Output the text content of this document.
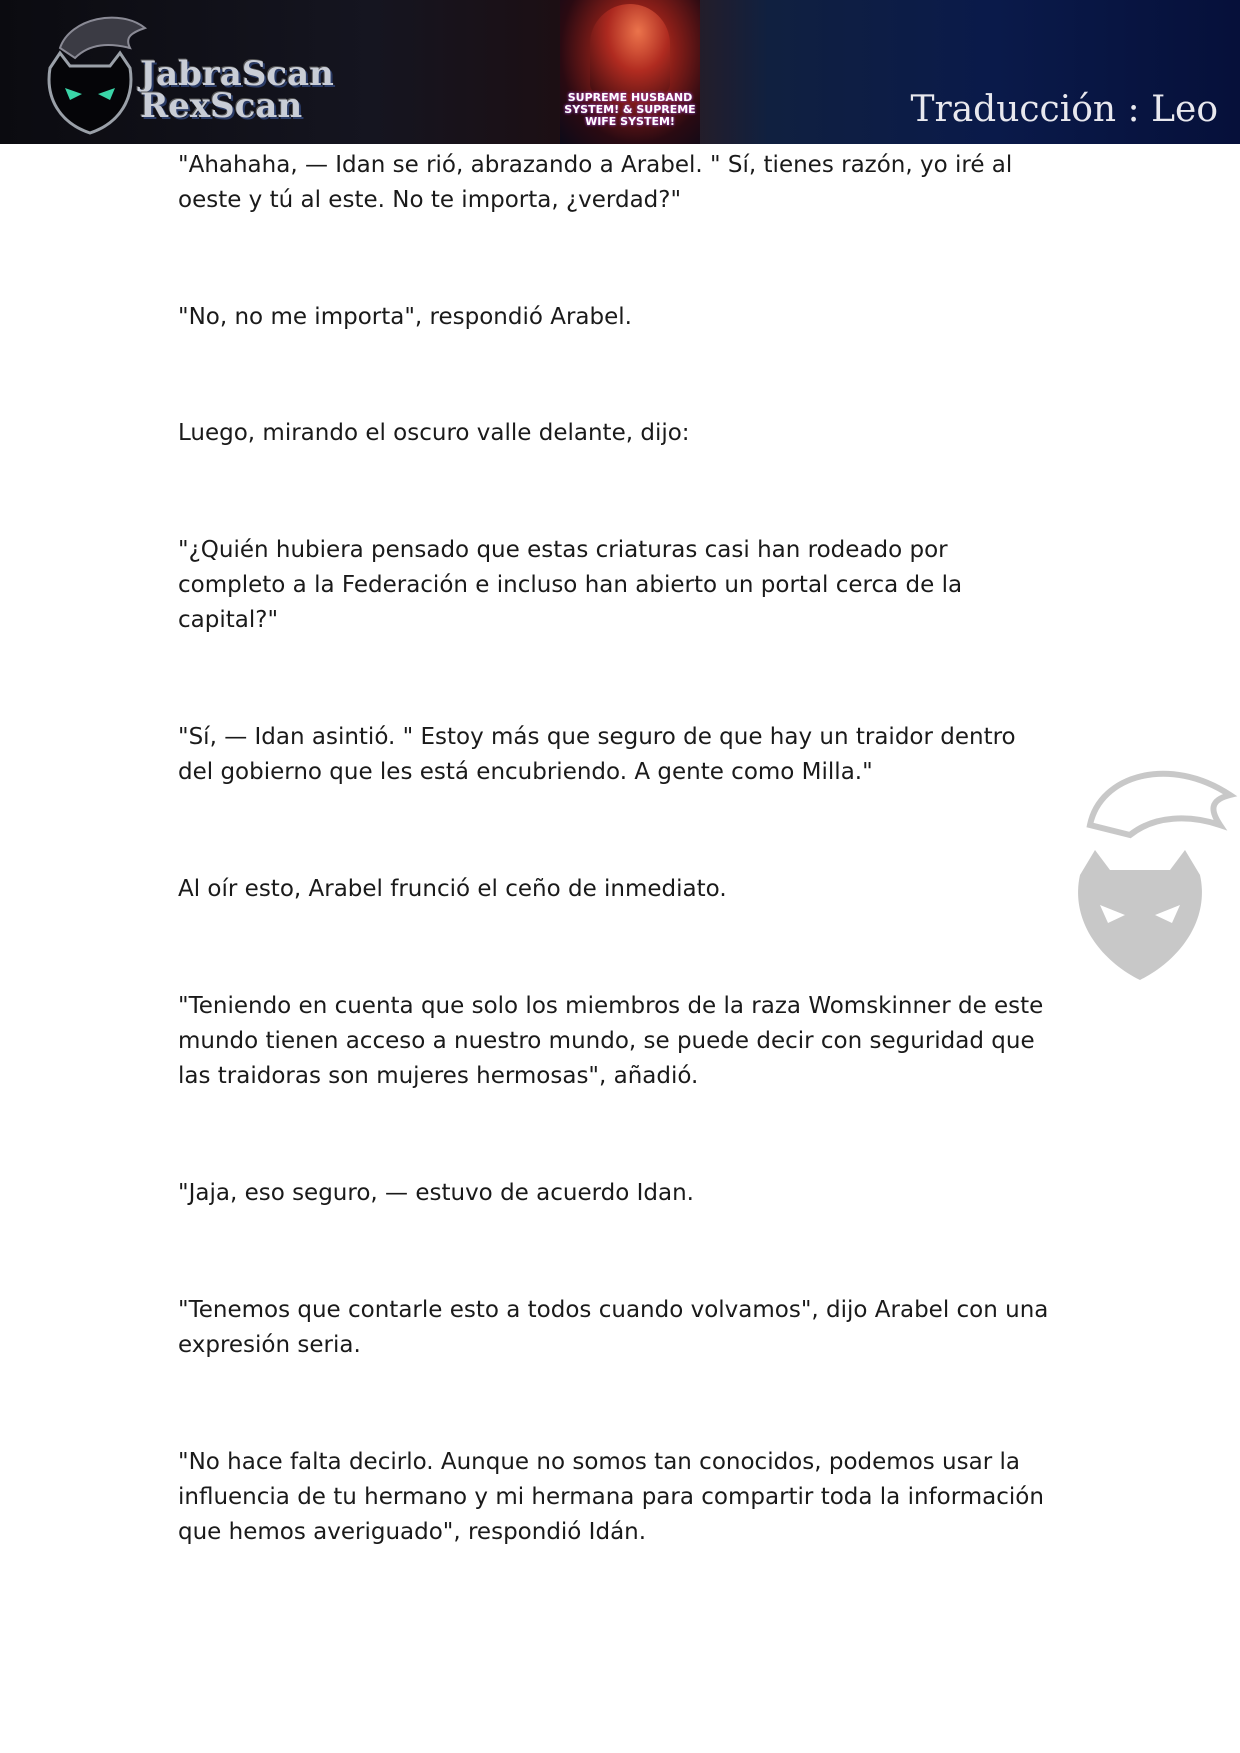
JabraScan
RexScan	SUPREME HUSBAND SYSTEM! & SUPREME WIFE SYSTEM!	Traducción : Leo

"Ahahaha, — Idan se rió, abrazando a Arabel. " Sí, tienes razón, yo iré al oeste y tú al este. No te importa, ¿verdad?"

"No, no me importa", respondió Arabel.

Luego, mirando el oscuro valle delante, dijo:

"¿Quién hubiera pensado que estas criaturas casi han rodeado por completo a la Federación e incluso han abierto un portal cerca de la capital?"

"Sí, — Idan asintió. " Estoy más que seguro de que hay un traidor dentro del gobierno que les está encubriendo. A gente como Milla."

Al oír esto, Arabel frunció el ceño de inmediato.

"Teniendo en cuenta que solo los miembros de la raza Womskinner de este mundo tienen acceso a nuestro mundo, se puede decir con seguridad que las traidoras son mujeres hermosas", añadió.

"Jaja, eso seguro, — estuvo de acuerdo Idan.

"Tenemos que contarle esto a todos cuando volvamos", dijo Arabel con una expresión seria.

"No hace falta decirlo. Aunque no somos tan conocidos, podemos usar la influencia de tu hermano y mi hermana para compartir toda la información que hemos averiguado", respondió Idán.
